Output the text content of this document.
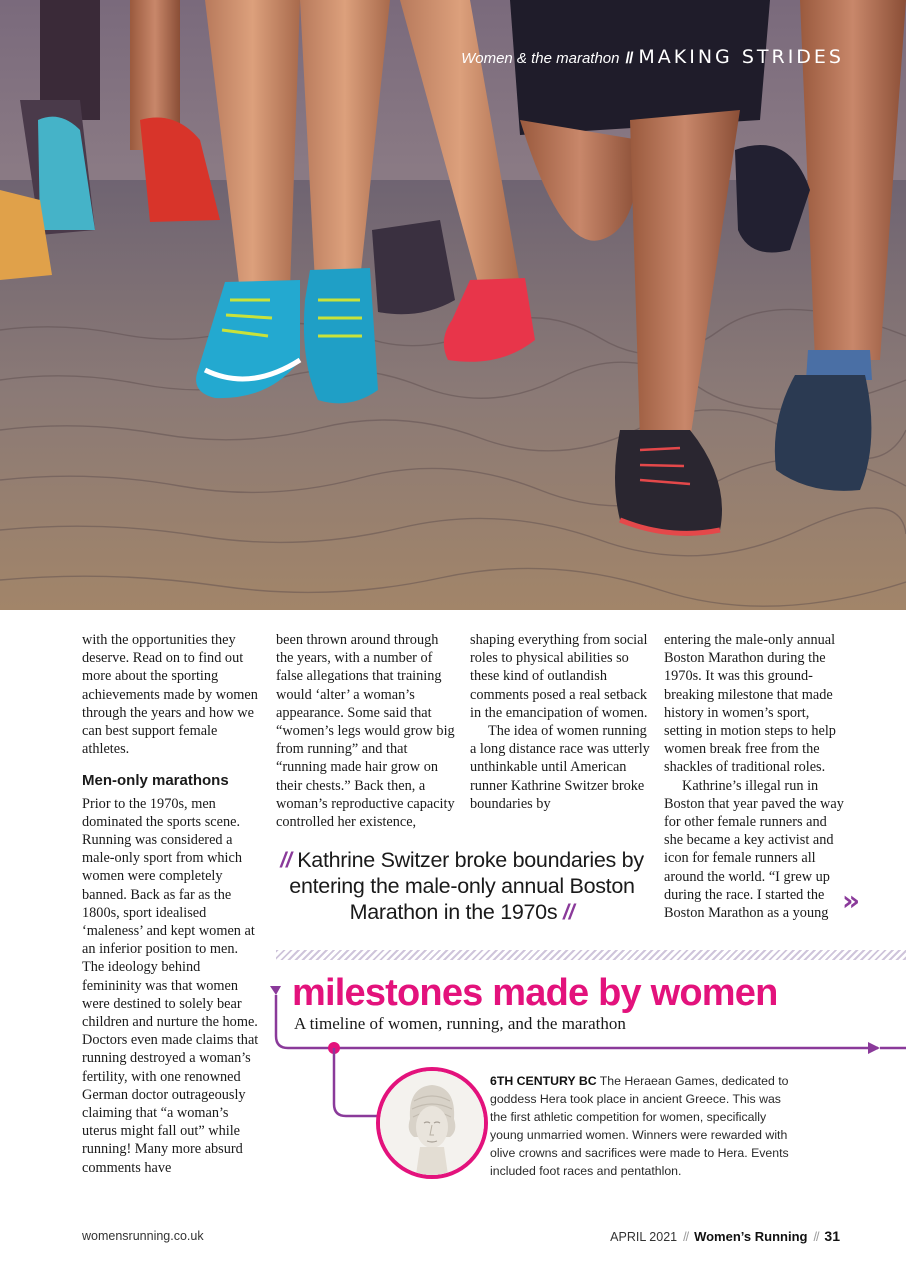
Women & the marathon // MAKING STRIDES

with the opportunities they deserve. Read on to find out more about the sporting achievements made by women through the years and how we can best support female athletes.

Men-only marathons

Prior to the 1970s, men dominated the sports scene. Running was considered a male-only sport from which women were completely banned. Back as far as the 1800s, sport idealised ‘maleness’ and kept women at an inferior position to men. The ideology behind femininity was that women were destined to solely bear children and nurture the home. Doctors even made claims that running destroyed a woman’s fertility, with one renowned German doctor outrageously claiming that “a woman’s uterus might fall out” while running! Many more absurd comments have

been thrown around through the years, with a number of false allegations that training would ‘alter’ a woman’s appearance. Some said that “women’s legs would grow big from running” and that “running made hair grow on their chests.” Back then, a woman’s reproductive capacity controlled her existence,

shaping everything from social roles to physical abilities so these kind of outlandish comments posed a real setback in the emancipation of women.

The idea of women running a long distance race was utterly unthinkable until American runner Kathrine Switzer broke boundaries by

entering the male-only annual Boston Marathon during the 1970s. It was this ground-breaking milestone that made history in women’s sport, setting in motion steps to help women break free from the shackles of traditional roles.

Kathrine’s illegal run in Boston that year paved the way for other female runners and she became a key activist and icon for female runners all around the world. “I grew up during the race. I started the Boston Marathon as a young

// Kathrine Switzer broke boundaries by entering the male-only annual Boston Marathon in the 1970s //	»
milestones made by women
A timeline of women, running, and the marathon
6TH CENTURY BC The Heraean Games, dedicated to goddess Hera took place in ancient Greece. This was the first athletic competition for women, specifically young unmarried women. Winners were rewarded with olive crowns and sacrifices were made to Hera. Events included foot races and pentathlon.
womensrunning.co.uk	APRIL 2021 // Women’s Running // 31
